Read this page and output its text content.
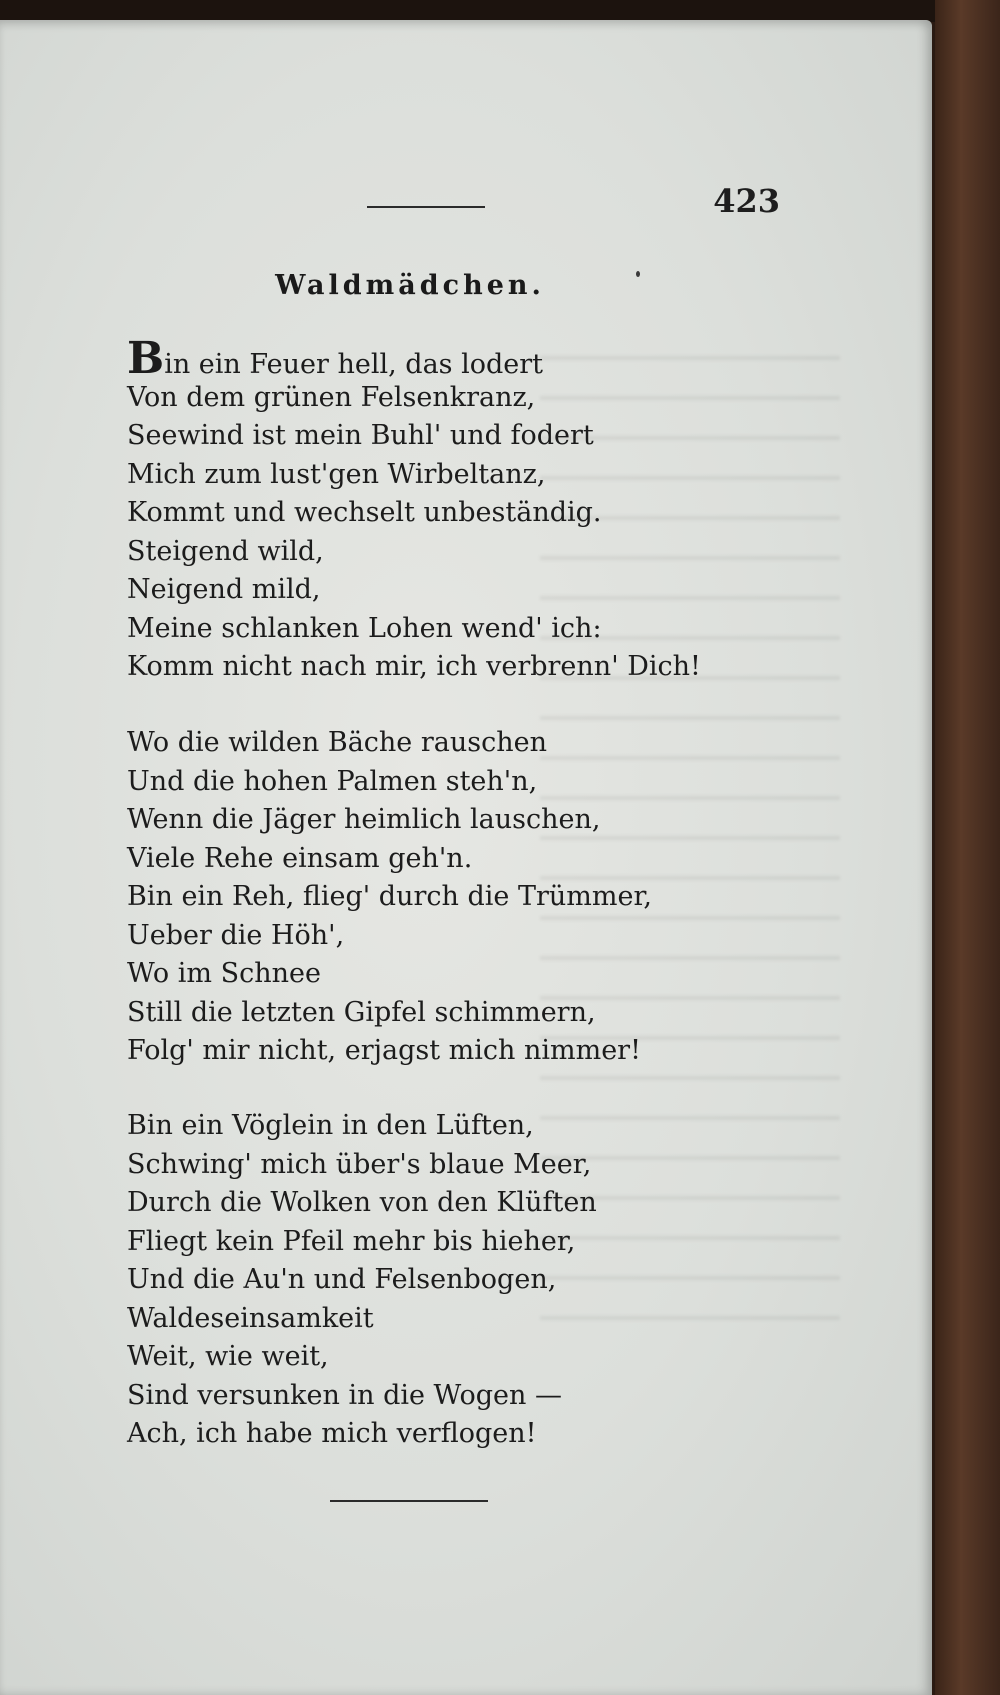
423
Waldmädchen.
Bin ein Feuer hell, das lodert
Von dem grünen Felsenkranz,
Seewind ist mein Buhl' und fodert
Mich zum lust'gen Wirbeltanz,
Kommt und wechselt unbeständig.
Steigend wild,
Neigend mild,
Meine schlanken Lohen wend' ich:
Komm nicht nach mir, ich verbrenn' Dich!
Wo die wilden Bäche rauschen
Und die hohen Palmen steh'n,
Wenn die Jäger heimlich lauschen,
Viele Rehe einsam geh'n.
Bin ein Reh, flieg' durch die Trümmer,
Ueber die Höh',
Wo im Schnee
Still die letzten Gipfel schimmern,
Folg' mir nicht, erjagst mich nimmer!
Bin ein Vöglein in den Lüften,
Schwing' mich über's blaue Meer,
Durch die Wolken von den Klüften
Fliegt kein Pfeil mehr bis hieher,
Und die Au'n und Felsenbogen,
Waldeseinsamkeit
Weit, wie weit,
Sind versunken in die Wogen —
Ach, ich habe mich verflogen!
